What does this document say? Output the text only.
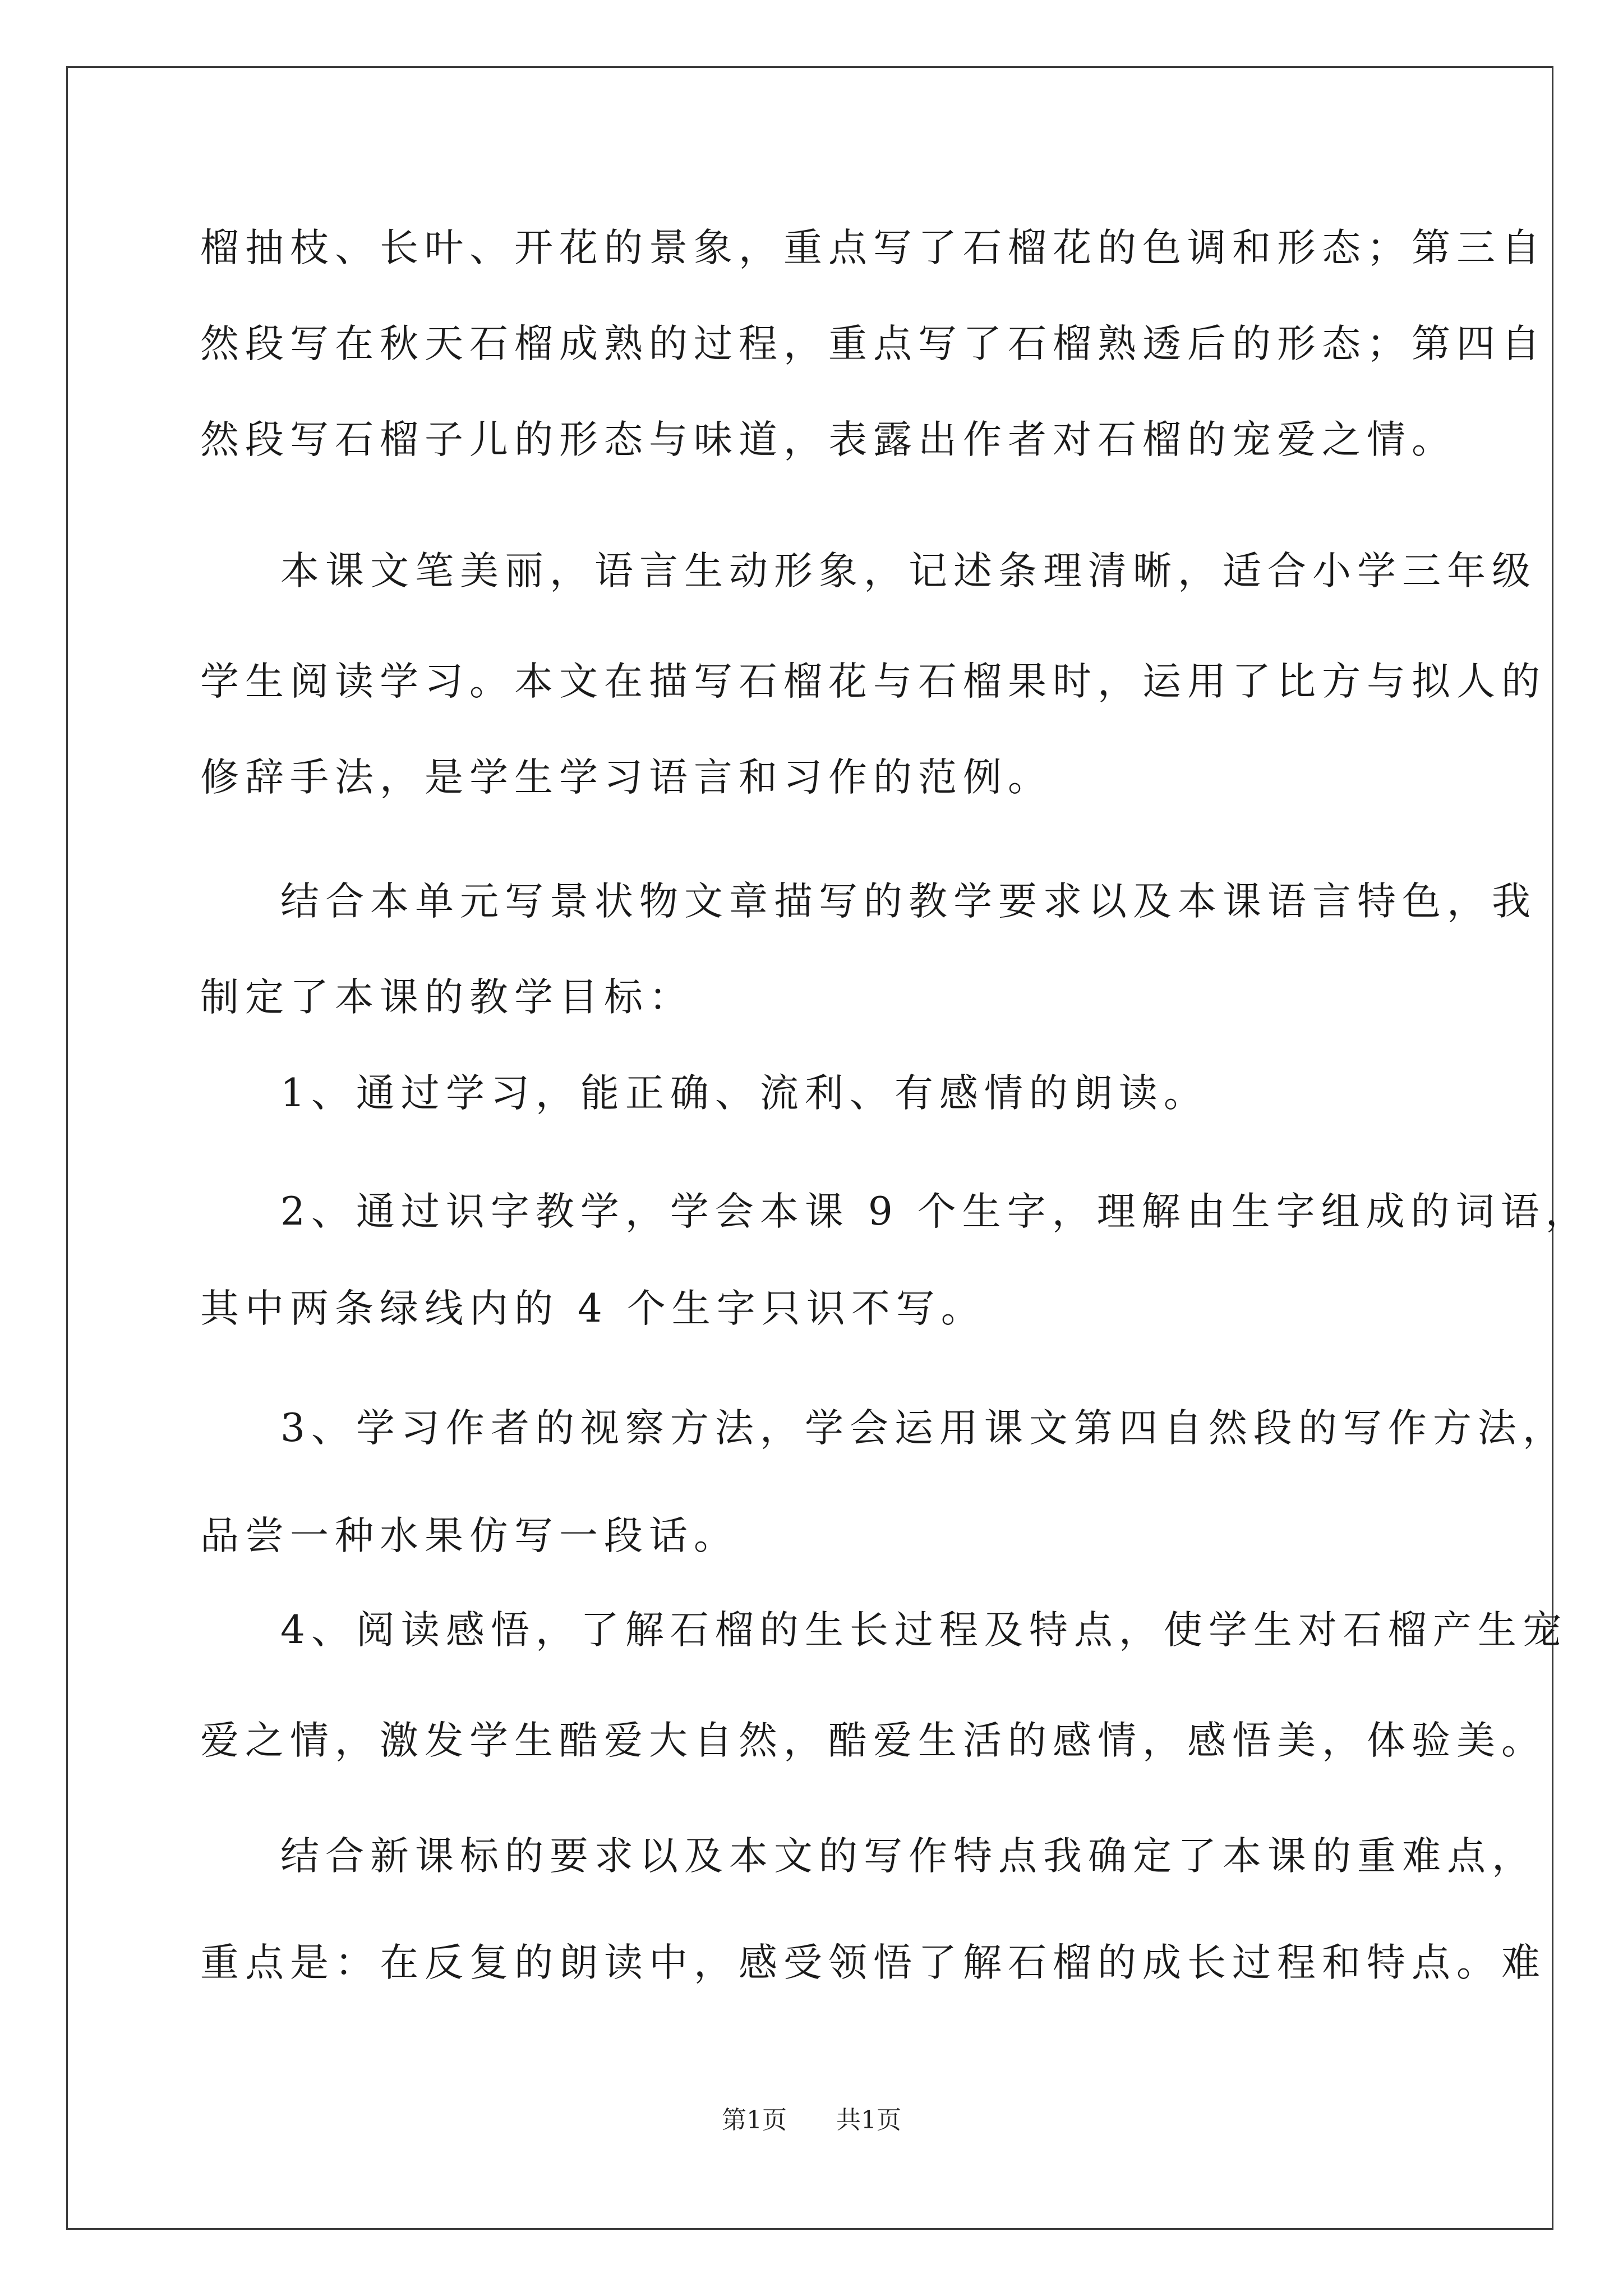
榴抽枝、长叶、开花的景象，重点写了石榴花的色调和形态；第三自
然段写在秋天石榴成熟的过程，重点写了石榴熟透后的形态；第四自
然段写石榴子儿的形态与味道，表露出作者对石榴的宠爱之情。
本课文笔美丽，语言生动形象，记述条理清晰，适合小学三年级
学生阅读学习。本文在描写石榴花与石榴果时，运用了比方与拟人的
修辞手法，是学生学习语言和习作的范例。
结合本单元写景状物文章描写的教学要求以及本课语言特色，我
制定了本课的教学目标：
1、通过学习，能正确、流利、有感情的朗读。
2、通过识字教学，学会本课 9 个生字，理解由生字组成的词语，
其中两条绿线内的 4 个生字只识不写。
3、学习作者的视察方法，学会运用课文第四自然段的写作方法，
品尝一种水果仿写一段话。
4、阅读感悟，了解石榴的生长过程及特点，使学生对石榴产生宠
爱之情，激发学生酷爱大自然，酷爱生活的感情，感悟美，体验美。
结合新课标的要求以及本文的写作特点我确定了本课的重难点，
重点是：在反复的朗读中，感受领悟了解石榴的成长过程和特点。难
第1页 共1页
